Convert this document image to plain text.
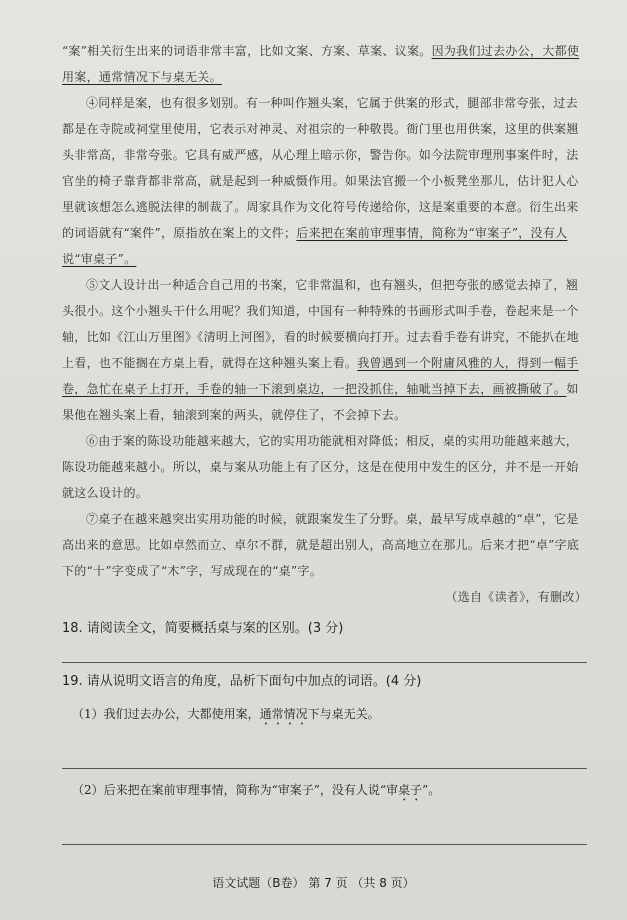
“案”相关衍生出来的词语非常丰富，比如文案、方案、草案、议案。因为我们过去办公，大都使用案，通常情况下与桌无关。

④同样是案，也有很多划别。有一种叫作翘头案，它属于供案的形式，腿部非常夸张，过去都是在寺院或祠堂里使用，它表示对神灵、对祖宗的一种敬畏。衙门里也用供案，这里的供案翘头非常高，非常夸张。它具有威严感，从心理上暗示你，警告你。如今法院审理刑事案件时，法官坐的椅子靠背都非常高，就是起到一种威慑作用。如果法官搬一个小板凳坐那儿，估计犯人心里就该想怎么逃脱法律的制裁了。周家具作为文化符号传递给你，这是案重要的本意。衍生出来的词语就有“案件”，原指放在案上的文件；后来把在案前审理事情，简称为“审案子”，没有人说“审桌子”。

⑤文人设计出一种适合自己用的书案，它非常温和，也有翘头，但把夸张的感觉去掉了，翘头很小。这个小翘头干什么用呢？我们知道，中国有一种特殊的书画形式叫手卷，卷起来是一个轴，比如《江山万里图》《清明上河图》，看的时候要横向打开。过去看手卷有讲究，不能扒在地上看，也不能搁在方桌上看，就得在这种翘头案上看。我曾遇到一个附庸风雅的人，得到一幅手卷，急忙在桌子上打开，手卷的轴一下滚到桌边，一把没抓住，轴呲当掉下去，画被撕破了。如果他在翘头案上看，轴滚到案的两头，就停住了，不会掉下去。

⑥由于案的陈设功能越来越大，它的实用功能就相对降低；相反，桌的实用功能越来越大，陈设功能越来越小。所以，桌与案从功能上有了区分，这是在使用中发生的区分，并不是一开始就这么设计的。

⑦桌子在越来越突出实用功能的时候，就跟案发生了分野。桌，最早写成卓越的“卓”，它是高出来的意思。比如卓然而立、卓尔不群，就是超出别人，高高地立在那儿。后来才把“卓”字底下的“十”字变成了“木”字，写成现在的“桌”字。

（选自《读者》，有删改）

18. 请阅读全文，简要概括桌与案的区别。(3 分)

19. 请从说明文语言的角度，品析下面句中加点的词语。(4 分)

（1）我们过去办公，大都使用案，通常情况下与桌无关。

（2）后来把在案前审理事情，简称为“审案子”，没有人说“审桌子”。

语文试题（B卷） 第 7 页 （共 8 页）
